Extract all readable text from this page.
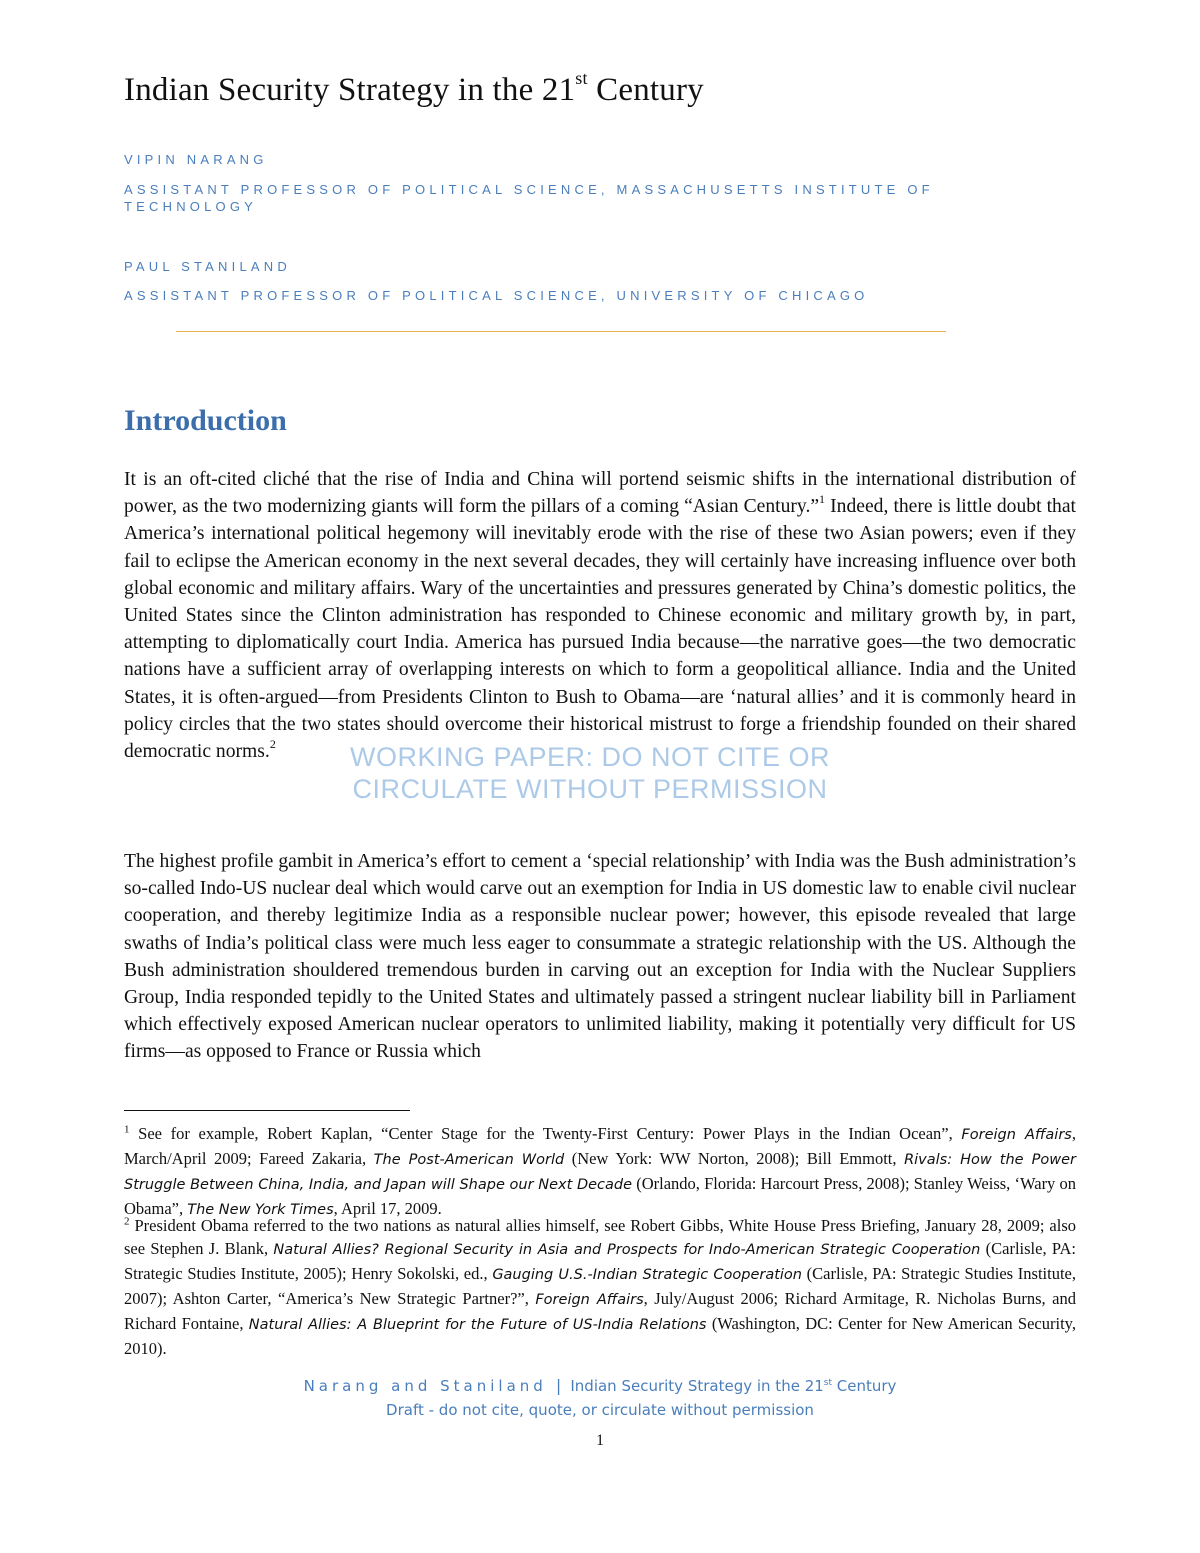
Indian Security Strategy in the 21st Century
VIPIN NARANG
ASSISTANT PROFESSOR OF POLITICAL SCIENCE, MASSACHUSETTS INSTITUTE OF TECHNOLOGY
PAUL STANILAND
ASSISTANT PROFESSOR OF POLITICAL SCIENCE, UNIVERSITY OF CHICAGO
Introduction

It is an oft-cited cliché that the rise of India and China will portend seismic shifts in the international distribution of power, as the two modernizing giants will form the pillars of a coming “Asian Century.”$^1$ Indeed, there is little doubt that America’s international political hegemony will inevitably erode with the rise of these two Asian powers; even if they fail to eclipse the American economy in the next several decades, they will certainly have increasing influence over both global economic and military affairs. Wary of the uncertainties and pressures generated by China’s domestic politics, the United States since the Clinton administration has responded to Chinese economic and military growth by, in part, attempting to diplomatically court India. America has pursued India because—the narrative goes—the two democratic nations have a sufficient array of overlapping interests on which to form a geopolitical alliance. India and the United States, it is often-argued—from Presidents Clinton to Bush to Obama—are ‘natural allies’ and it is commonly heard in policy circles that the two states should overcome their historical mistrust to forge a friendship founded on their shared democratic norms.$^2$	WORKING PAPER: DO NOT CITE OR
CIRCULATE WITHOUT PERMISSION

The highest profile gambit in America’s effort to cement a ‘special relationship’ with India was the Bush administration’s so-called Indo-US nuclear deal which would carve out an exemption for India in US domestic law to enable civil nuclear cooperation, and thereby legitimize India as a responsible nuclear power; however, this episode revealed that large swaths of India’s political class were much less eager to consummate a strategic relationship with the US. Although the Bush administration shouldered tremendous burden in carving out an exception for India with the Nuclear Suppliers Group, India responded tepidly to the United States and ultimately passed a stringent nuclear liability bill in Parliament which effectively exposed American nuclear operators to unlimited liability, making it potentially very difficult for US firms—as opposed to France or Russia which

$^1$ See for example, Robert Kaplan, “Center Stage for the Twenty-First Century: Power Plays in the Indian Ocean”, Foreign Affairs, March/April 2009; Fareed Zakaria, The Post-American World (New York: WW Norton, 2008); Bill Emmott, Rivals: How the Power Struggle Between China, India, and Japan will Shape our Next Decade (Orlando, Florida: Harcourt Press, 2008); Stanley Weiss, ‘Wary on Obama”, The New York Times, April 17, 2009.

$^2$ President Obama referred to the two nations as natural allies himself, see Robert Gibbs, White House Press Briefing, January 28, 2009; also see Stephen J. Blank, Natural Allies? Regional Security in Asia and Prospects for Indo-American Strategic Cooperation (Carlisle, PA: Strategic Studies Institute, 2005); Henry Sokolski, ed., Gauging U.S.-Indian Strategic Cooperation (Carlisle, PA: Strategic Studies Institute, 2007); Ashton Carter, “America’s New Strategic Partner?”, Foreign Affairs, July/August 2006; Richard Armitage, R. Nicholas Burns, and Richard Fontaine, Natural Allies: A Blueprint for the Future of US-India Relations (Washington, DC: Center for New American Security, 2010).

Narang and Staniland | Indian Security Strategy in the 21st Century
Draft - do not cite, quote, or circulate without permission
1
